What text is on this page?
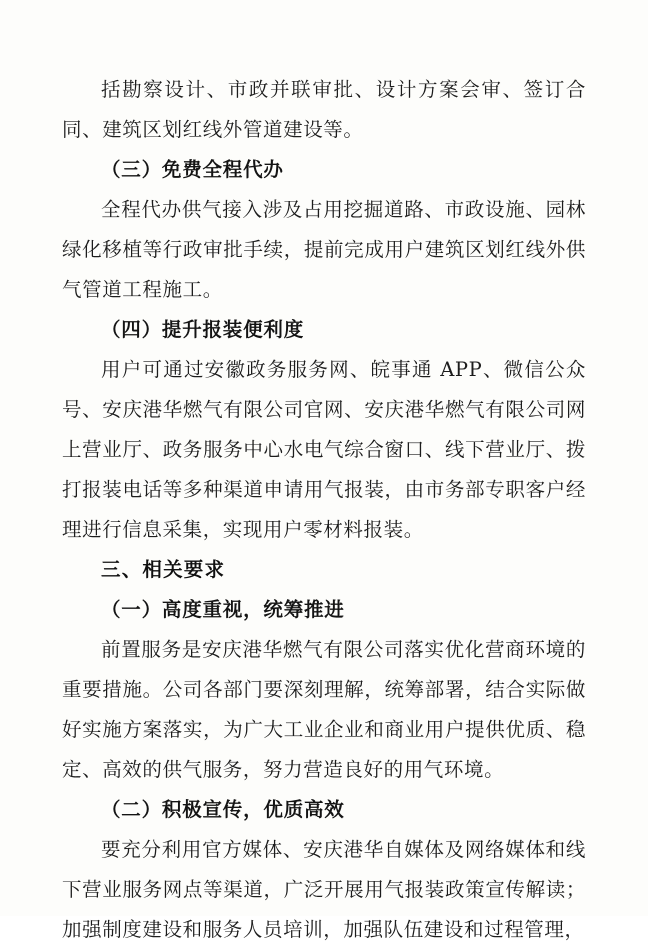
括勘察设计、市政并联审批、设计方案会审、签订合同、建筑区划红线外管道建设等。

（三）免费全程代办

全程代办供气接入涉及占用挖掘道路、市政设施、园林绿化移植等行政审批手续，提前完成用户建筑区划红线外供气管道工程施工。

（四）提升报装便利度

用户可通过安徽政务服务网、皖事通 APP、微信公众号、安庆港华燃气有限公司官网、安庆港华燃气有限公司网上营业厅、政务服务中心水电气综合窗口、线下营业厅、拨打报装电话等多种渠道申请用气报装，由市务部专职客户经理进行信息采集，实现用户零材料报装。

三、相关要求

（一）高度重视，统筹推进

前置服务是安庆港华燃气有限公司落实优化营商环境的重要措施。公司各部门要深刻理解，统筹部署，结合实际做好实施方案落实，为广大工业企业和商业用户提供优质、稳定、高效的供气服务，努力营造良好的用气环境。

（二）积极宣传，优质高效

要充分利用官方媒体、安庆港华自媒体及网络媒体和线下营业服务网点等渠道，广泛开展用气报装政策宣传解读；加强制度建设和服务人员培训，加强队伍建设和过程管理，
